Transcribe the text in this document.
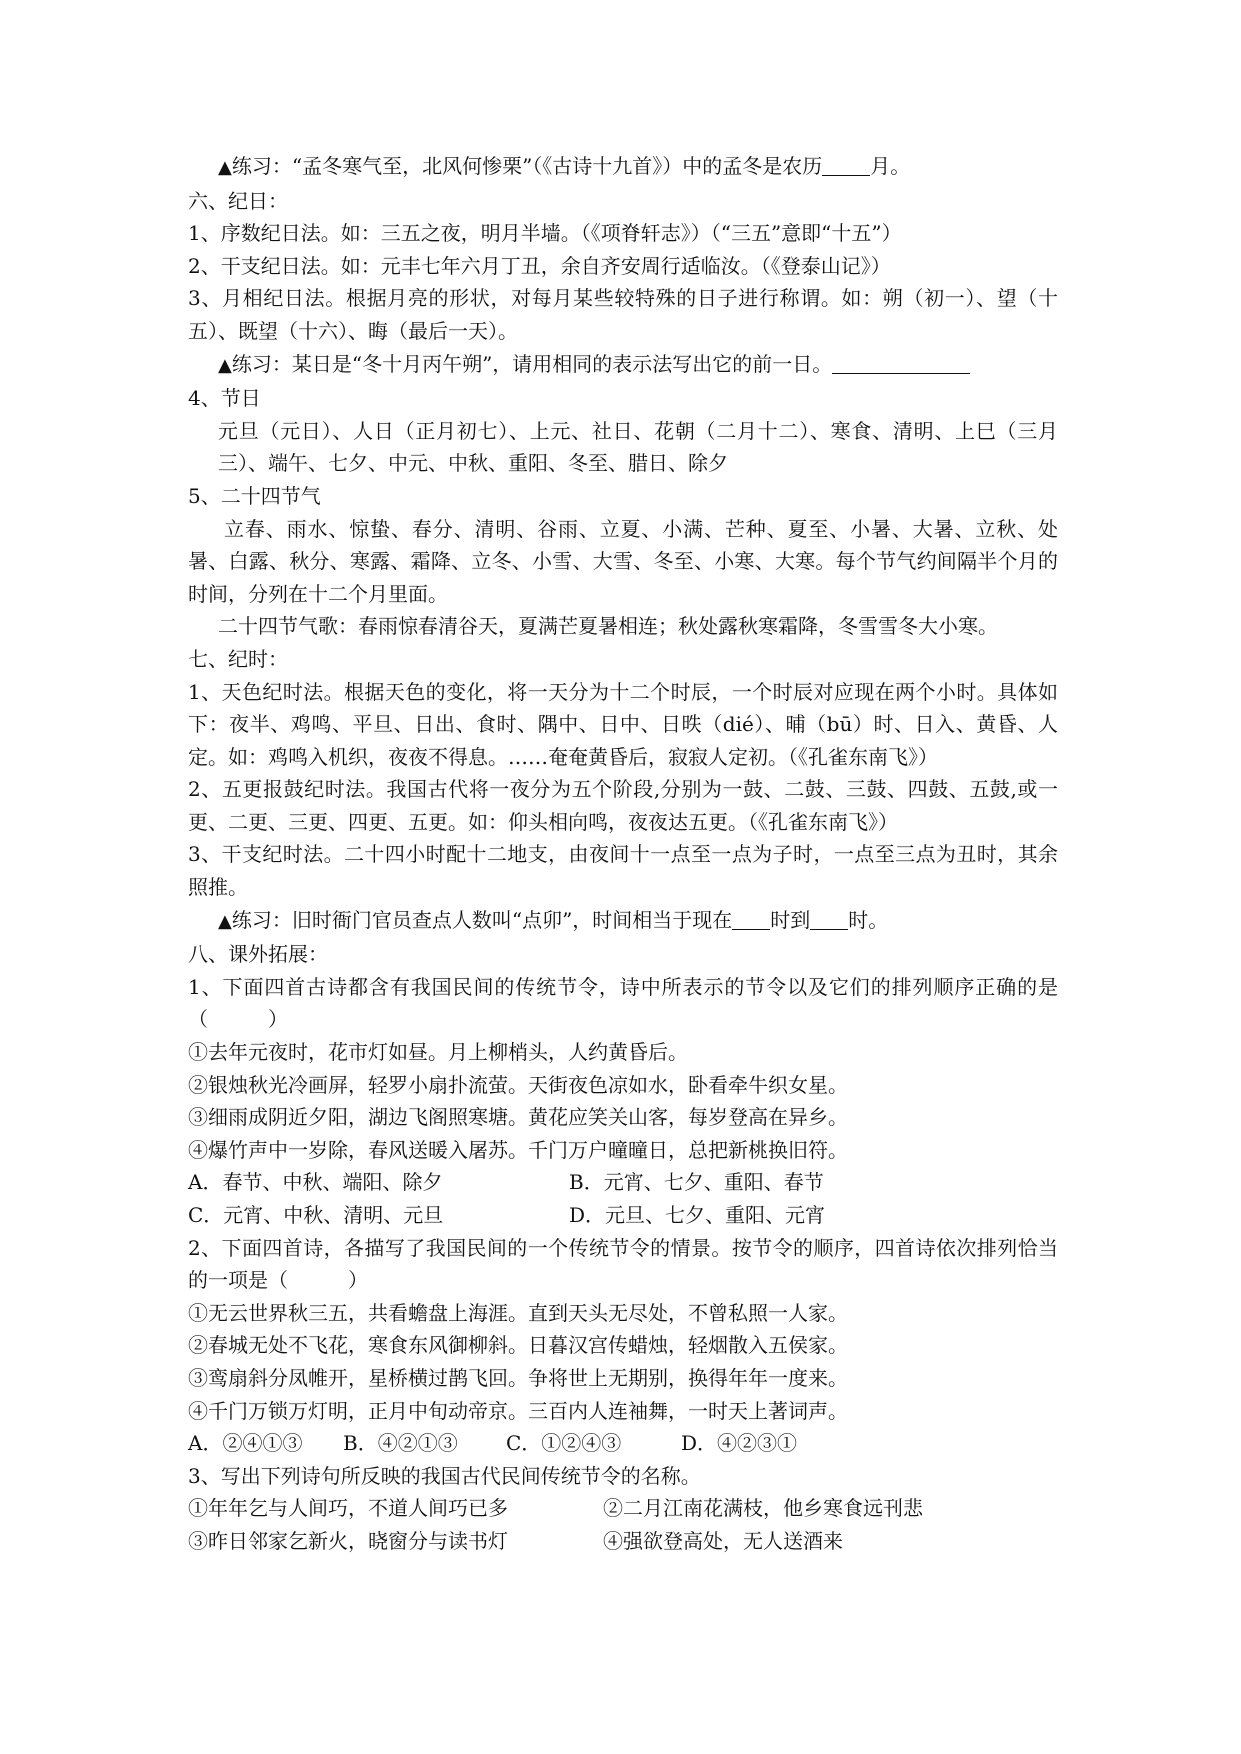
▲练习：“孟冬寒气至，北风何惨栗”（《古诗十九首》）中的孟冬是农历 月。
六、纪日：
1、序数纪日法。如：三五之夜，明月半墙。（《项脊轩志》）（“三五”意即“十五”）
2、干支纪日法。如：元丰七年六月丁丑，余自齐安周行适临汝。（《登泰山记》）
3、月相纪日法。根据月亮的形状，对每月某些较特殊的日子进行称谓。如：朔（初一）、望（十五）、既望（十六）、晦（最后一天）。
▲练习：某日是“冬十月丙午朔”，请用相同的表示法写出它的前一日。
4、节日
元旦（元日）、人日（正月初七）、上元、社日、花朝（二月十二）、寒食、清明、上巳（三月三）、端午、七夕、中元、中秋、重阳、冬至、腊日、除夕
5、二十四节气
立春、雨水、惊蛰、春分、清明、谷雨、立夏、小满、芒种、夏至、小暑、大暑、立秋、处暑、白露、秋分、寒露、霜降、立冬、小雪、大雪、冬至、小寒、大寒。每个节气约间隔半个月的时间，分列在十二个月里面。
二十四节气歌：春雨惊春清谷天，夏满芒夏暑相连；秋处露秋寒霜降，冬雪雪冬大小寒。
七、纪时：
1、天色纪时法。根据天色的变化，将一天分为十二个时辰，一个时辰对应现在两个小时。具体如下：夜半、鸡鸣、平旦、日出、食时、隅中、日中、日昳（dié）、晡（bū）时、日入、黄昏、人定。如：鸡鸣入机织，夜夜不得息。……奄奄黄昏后，寂寂人定初。（《孔雀东南飞》）
2、五更报鼓纪时法。我国古代将一夜分为五个阶段,分别为一鼓、二鼓、三鼓、四鼓、五鼓,或一更、二更、三更、四更、五更。如：仰头相向鸣，夜夜达五更。（《孔雀东南飞》）
3、干支纪时法。二十四小时配十二地支，由夜间十一点至一点为子时，一点至三点为丑时，其余照推。
▲练习：旧时衙门官员查点人数叫“点卯”，时间相当于现在 时到 时。
八、课外拓展：
1、下面四首古诗都含有我国民间的传统节令，诗中所表示的节令以及它们的排列顺序正确的是（　　　）
①去年元夜时，花市灯如昼。月上柳梢头，人约黄昏后。
②银烛秋光冷画屏，轻罗小扇扑流萤。天街夜色凉如水，卧看牵牛织女星。
③细雨成阴近夕阳，湖边飞阁照寒塘。黄花应笑关山客，每岁登高在异乡。
④爆竹声中一岁除，春风送暖入屠苏。千门万户曈曈日，总把新桃换旧符。
A．春节、中秋、端阳、除夕	B．元宵、七夕、重阳、春节
C．元宵、中秋、清明、元旦	D．元旦、七夕、重阳、元宵
2、下面四首诗，各描写了我国民间的一个传统节令的情景。按节令的顺序，四首诗依次排列恰当的一项是（　　　）
①无云世界秋三五，共看蟾盘上海涯。直到天头无尽处，不曾私照一人家。
②春城无处不飞花，寒食东风御柳斜。日暮汉宫传蜡烛，轻烟散入五侯家。
③鸾扇斜分凤帷开，星桥横过鹊飞回。争将世上无期别，换得年年一度来。
④千门万锁万灯明，正月中旬动帝京。三百内人连袖舞，一时天上著词声。
A．②④①③	B．④②①③	C．①②④③	D．④②③①
3、写出下列诗句所反映的我国古代民间传统节令的名称。
①年年乞与人间巧，不道人间巧已多	②二月江南花满枝，他乡寒食远刊悲
③昨日邻家乞新火，晓窗分与读书灯	④强欲登高处，无人送酒来
